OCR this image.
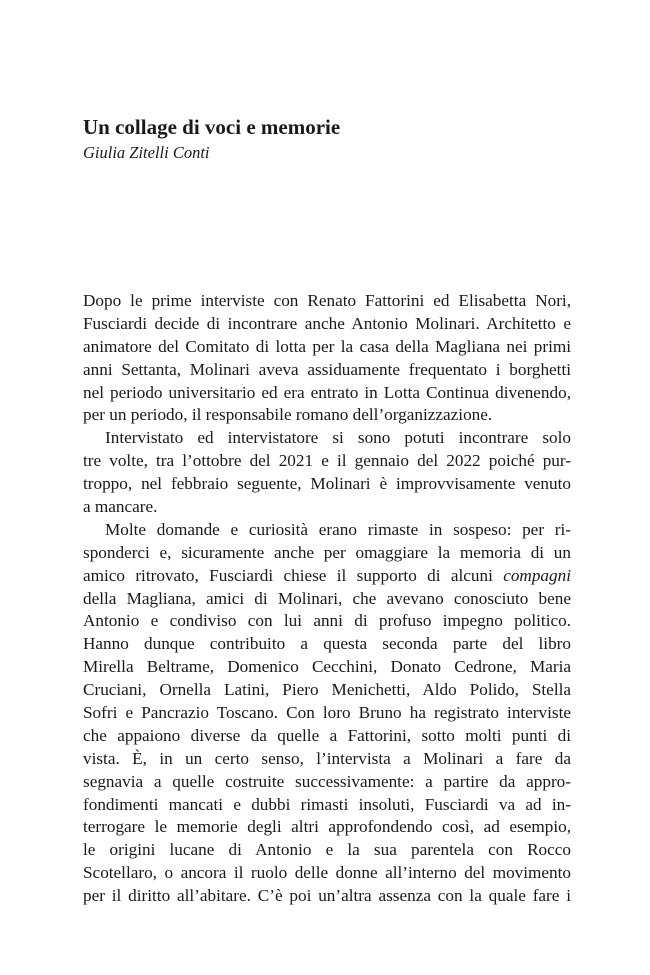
Un collage di voci e memorie
Giulia Zitelli Conti
Dopo le prime interviste con Renato Fattorini ed Elisabetta Nori,
Fusciardi decide di incontrare anche Antonio Molinari. Architetto e
animatore del Comitato di lotta per la casa della Magliana nei primi
anni Settanta, Molinari aveva assiduamente frequentato i borghetti
nel periodo universitario ed era entrato in Lotta Continua divenendo,
per un periodo, il responsabile romano dell’organizzazione.
Intervistato ed intervistatore si sono potuti incontrare solo
tre volte, tra l’ottobre del 2021 e il gennaio del 2022 poiché pur-
troppo, nel febbraio seguente, Molinari è improvvisamente venuto
a mancare.
Molte domande e curiosità erano rimaste in sospeso: per ri-
sponderci e, sicuramente anche per omaggiare la memoria di un
amico ritrovato, Fusciardi chiese il supporto di alcuni compagni
della Magliana, amici di Molinari, che avevano conosciuto bene
Antonio e condiviso con lui anni di profuso impegno politico.
Hanno dunque contribuito a questa seconda parte del libro
Mirella Beltrame, Domenico Cecchini, Donato Cedrone, Maria
Cruciani, Ornella Latini, Piero Menichetti, Aldo Polido, Stella
Sofri e Pancrazio Toscano. Con loro Bruno ha registrato interviste
che appaiono diverse da quelle a Fattorini, sotto molti punti di
vista. È, in un certo senso, l’intervista a Molinari a fare da
segnavia a quelle costruite successivamente: a partire da appro-
fondimenti mancati e dubbi rimasti insoluti, Fusciardi va ad in-
terrogare le memorie degli altri approfondendo così, ad esempio,
le origini lucane di Antonio e la sua parentela con Rocco
Scotellaro, o ancora il ruolo delle donne all’interno del movimento
per il diritto all’abitare. C’è poi un’altra assenza con la quale fare i
